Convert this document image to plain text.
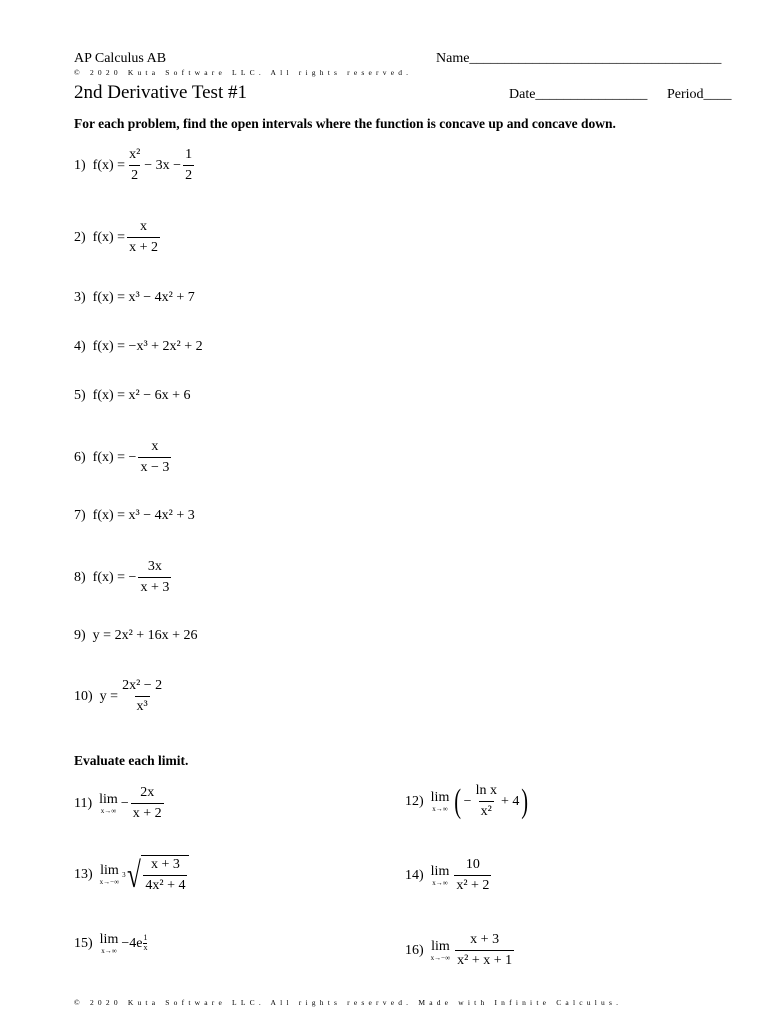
AP Calculus AB
© 2020 Kuta Software LLC. All rights reserved.
Name____________________________________
2nd Derivative Test #1	Date________________ Period____
For each problem, find the open intervals where the function is concave up and concave down.
1) $f(x) = \frac{\text{x²}}{2} - 3x - \frac{1}{2}$
2) $f(x) = \frac{x}{x + 2}$
3) f(x) = x³ − 4x² + 7
4) f(x) = −x³ + 2x² + 2
5) f(x) = x² − 6x + 6
6) f(x) = − $\frac{x}{x - 3}$
7) f(x) = x³ − 4x² + 3
8) f(x) = − $\frac{3x}{x + 3}$
9) y = 2x² + 16x + 26
10) $y = \frac{\text{2x² − 2}}{\text{x³}}$
Evaluate each limit.
11) lim
x→∞
− $\frac{2x}{x + 2}$	12) lim
x→∞ ( − $\frac{\text{ln x}}{\text{x²}} + 4$ )
13) lim
x→−∞
3 √ $\frac{x + 3}{\text{4x² + 4}}$	14) lim
$x\to\infty \frac{10}{\text{x² + 2}}$
15) lim
x→∞
$-4e \frac{1}{x}$	16) lim
$x\to-\infty \frac{x + 3}{\text{x² + x + 1}}$
© 2020 Kuta Software LLC. All rights reserved. Made with Infinite Calculus.
